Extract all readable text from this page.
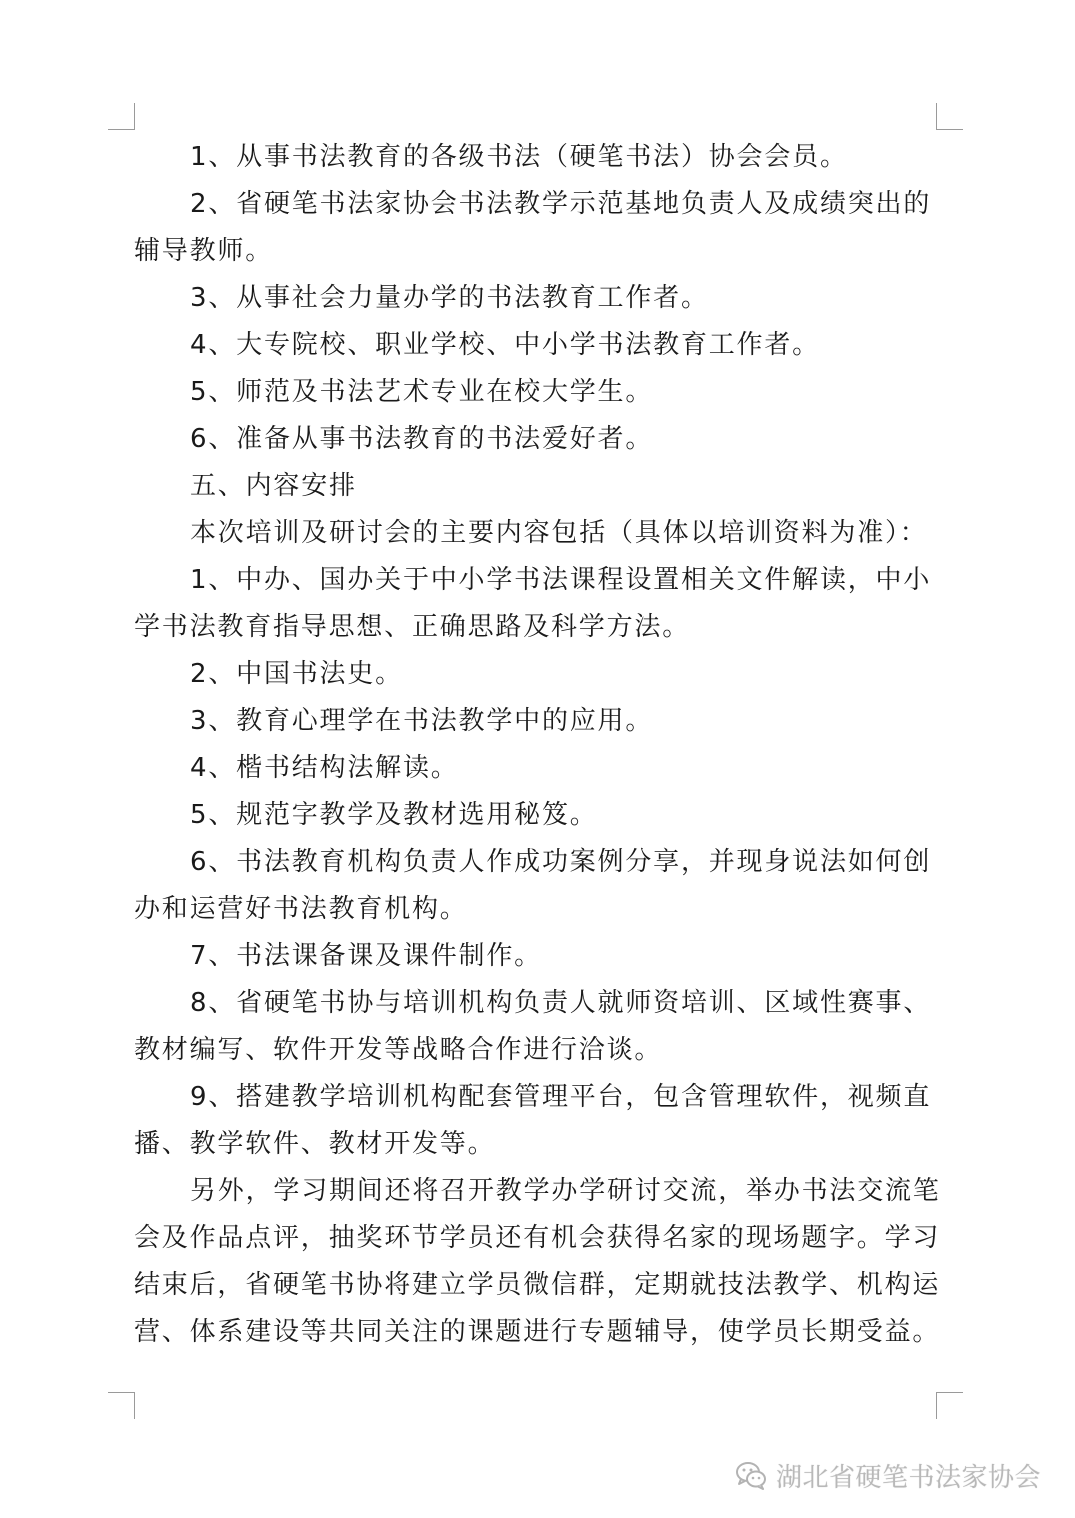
1、从事书法教育的各级书法（硬笔书法）协会会员。

2、省硬笔书法家协会书法教学示范基地负责人及成绩突出的辅导教师。

3、从事社会力量办学的书法教育工作者。

4、大专院校、职业学校、中小学书法教育工作者。

5、师范及书法艺术专业在校大学生。

6、准备从事书法教育的书法爱好者。

五、内容安排

本次培训及研讨会的主要内容包括（具体以培训资料为准）：

1、中办、国办关于中小学书法课程设置相关文件解读，中小学书法教育指导思想、正确思路及科学方法。

2、中国书法史。

3、教育心理学在书法教学中的应用。

4、楷书结构法解读。

5、规范字教学及教材选用秘笈。

6、书法教育机构负责人作成功案例分享，并现身说法如何创办和运营好书法教育机构。

7、书法课备课及课件制作。

8、省硬笔书协与培训机构负责人就师资培训、区域性赛事、教材编写、软件开发等战略合作进行洽谈。

9、搭建教学培训机构配套管理平台，包含管理软件，视频直播、教学软件、教材开发等。

另外，学习期间还将召开教学办学研讨交流，举办书法交流笔会及作品点评，抽奖环节学员还有机会获得名家的现场题字。学习结束后，省硬笔书协将建立学员微信群，定期就技法教学、机构运营、体系建设等共同关注的课题进行专题辅导，使学员长期受益。

湖北省硬笔书法家协会
